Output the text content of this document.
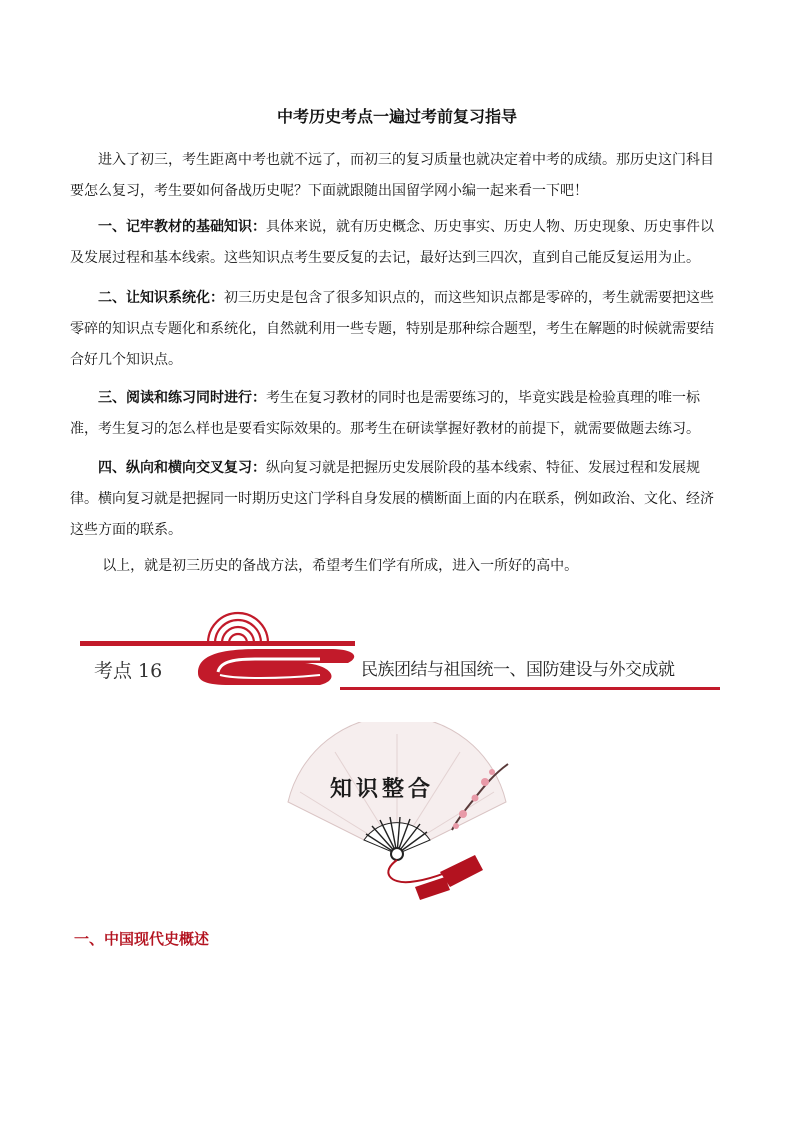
中考历史考点一遍过考前复习指导

进入了初三，考生距离中考也就不远了，而初三的复习质量也就决定着中考的成绩。那历史这门科目要怎么复习，考生要如何备战历史呢？下面就跟随出国留学网小编一起来看一下吧！

一、记牢教材的基础知识：具体来说，就有历史概念、历史事实、历史人物、历史现象、历史事件以及发展过程和基本线索。这些知识点考生要反复的去记，最好达到三四次，直到自己能反复运用为止。

二、让知识系统化：初三历史是包含了很多知识点的，而这些知识点都是零碎的，考生就需要把这些零碎的知识点专题化和系统化，自然就利用一些专题，特别是那种综合题型，考生在解题的时候就需要结合好几个知识点。

三、阅读和练习同时进行：考生在复习教材的同时也是需要练习的，毕竟实践是检验真理的唯一标准，考生复习的怎么样也是要看实际效果的。那考生在研读掌握好教材的前提下，就需要做题去练习。

四、纵向和横向交叉复习：纵向复习就是把握历史发展阶段的基本线索、特征、发展过程和发展规律。横向复习就是把握同一时期历史这门学科自身发展的横断面上面的内在联系，例如政治、文化、经济这些方面的联系。

以上，就是初三历史的备战方法，希望考生们学有所成，进入一所好的高中。

考点 16	民族团结与祖国统一、国防建设与外交成就
知识整合
一、中国现代史概述
